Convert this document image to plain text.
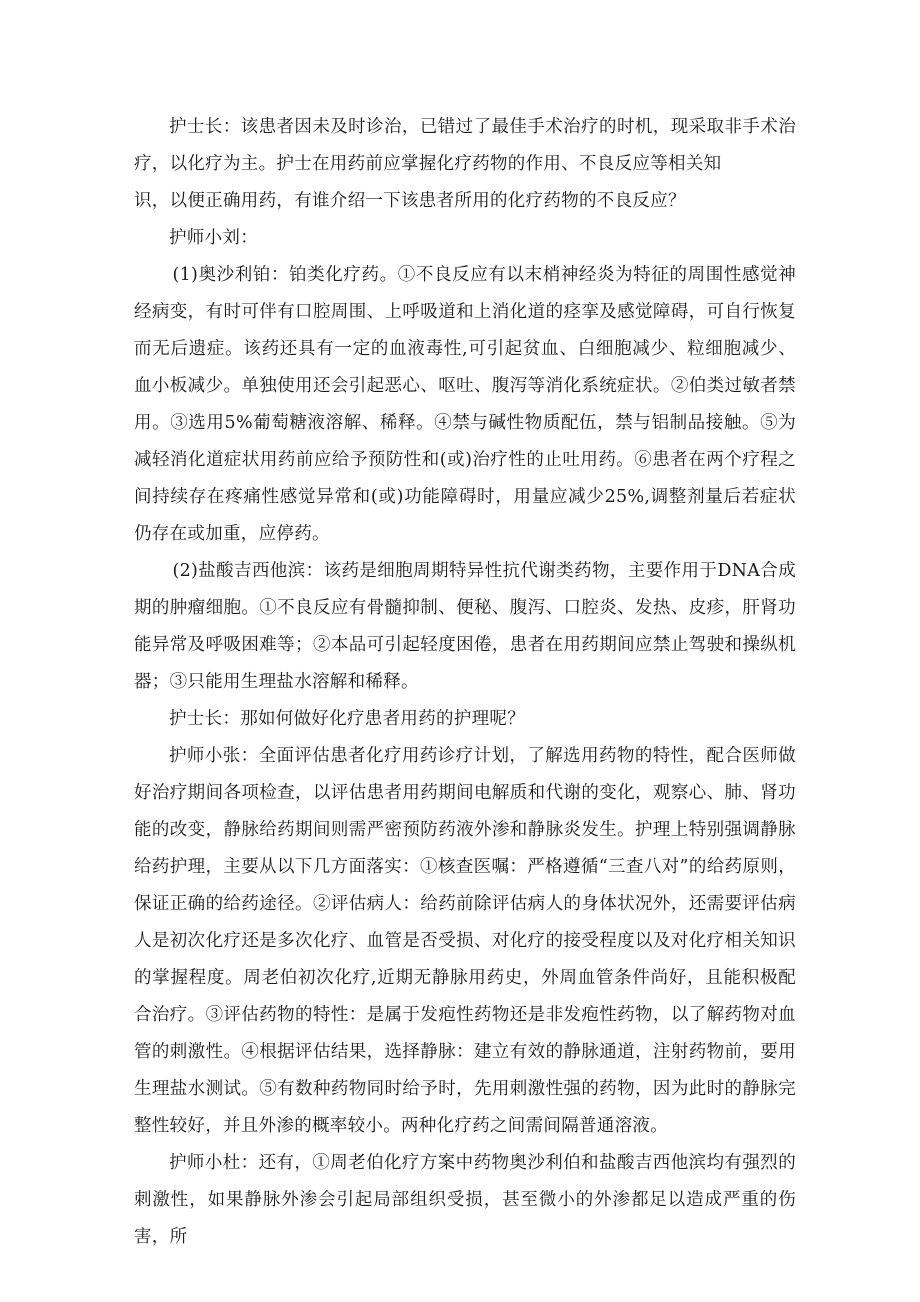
护士长：该患者因未及时诊治，已错过了最佳手术治疗的时机，现采取非手术治疗，以化疗为主。护士在用药前应掌握化疗药物的作用、不良反应等相关知

识，以便正确用药，有谁介绍一下该患者所用的化疗药物的不良反应？

护师小刘：

(1)奥沙利铂：铂类化疗药。①不良反应有以末梢神经炎为特征的周围性感觉神经病变，有时可伴有口腔周围、上呼吸道和上消化道的痉挛及感觉障碍，可自行恢复而无后遗症。该药还具有一定的血液毒性,可引起贫血、白细胞减少、粒细胞减少、血小板减少。单独使用还会引起恶心、呕吐、腹泻等消化系统症状。②伯类过敏者禁用。③选用5%葡萄糖液溶解、稀释。④禁与碱性物质配伍，禁与铝制品接触。⑤为减轻消化道症状用药前应给予预防性和(或)治疗性的止吐用药。⑥患者在两个疗程之间持续存在疼痛性感觉异常和(或)功能障碍时，用量应减少25%,调整剂量后若症状仍存在或加重，应停药。

(2)盐酸吉西他滨：该药是细胞周期特异性抗代谢类药物，主要作用于DNA合成期的肿瘤细胞。①不良反应有骨髓抑制、便秘、腹泻、口腔炎、发热、皮疹，肝肾功能异常及呼吸困难等；②本品可引起轻度困倦，患者在用药期间应禁止驾驶和操纵机器；③只能用生理盐水溶解和稀释。

护士长：那如何做好化疗患者用药的护理呢？

护师小张：全面评估患者化疗用药诊疗计划，了解选用药物的特性，配合医师做好治疗期间各项检查，以评估患者用药期间电解质和代谢的变化，观察心、肺、肾功能的改变，静脉给药期间则需严密预防药液外渗和静脉炎发生。护理上特别强调静脉给药护理，主要从以下几方面落实：①核查医嘱：严格遵循“三查八对”的给药原则，保证正确的给药途径。②评估病人：给药前除评估病人的身体状况外，还需要评估病人是初次化疗还是多次化疗、血管是否受损、对化疗的接受程度以及对化疗相关知识的掌握程度。周老伯初次化疗,近期无静脉用药史，外周血管条件尚好，且能积极配合治疗。③评估药物的特性：是属于发疱性药物还是非发疱性药物，以了解药物对血管的刺激性。④根据评估结果，选择静脉：建立有效的静脉通道，注射药物前，要用生理盐水测试。⑤有数种药物同时给予时，先用刺激性强的药物，因为此时的静脉完整性较好，并且外渗的概率较小。两种化疗药之间需间隔普通溶液。

护师小杜：还有，①周老伯化疗方案中药物奥沙利伯和盐酸吉西他滨均有强烈的刺激性，如果静脉外渗会引起局部组织受损，甚至微小的外渗都足以造成严重的伤害，所
